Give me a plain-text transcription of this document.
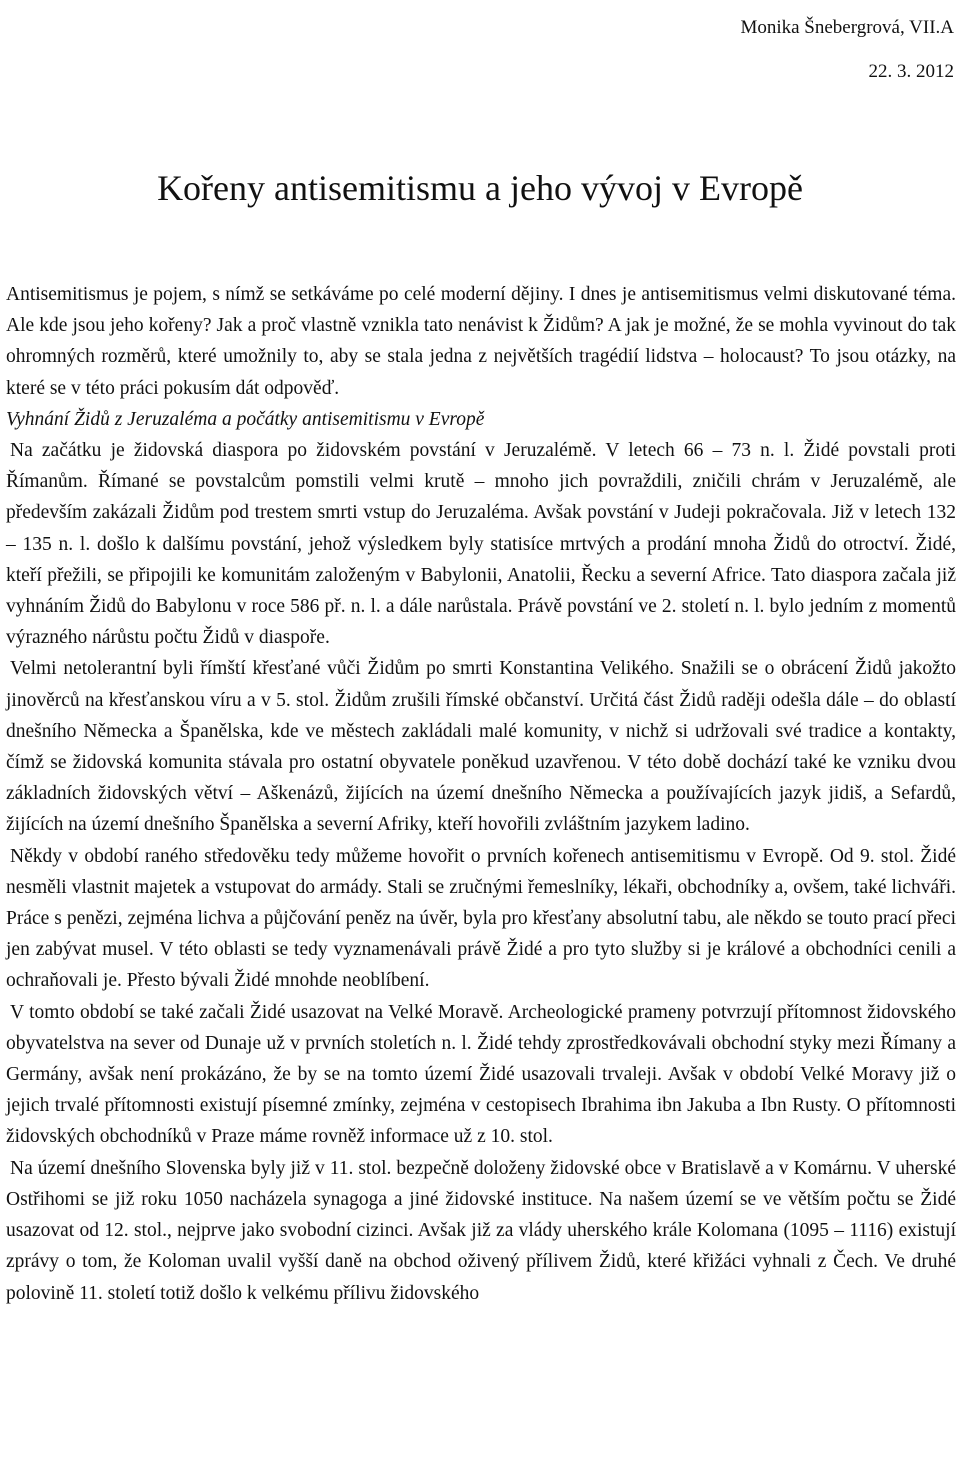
Monika Šnebergrová, VII.A
22. 3. 2012
Kořeny antisemitismu a jeho vývoj v Evropě

Antisemitismus je pojem, s nímž se setkáváme po celé moderní dějiny. I dnes je antisemitismus velmi diskutované téma. Ale kde jsou jeho kořeny? Jak a proč vlastně vznikla tato nenávist k Židům? A jak je možné, že se mohla vyvinout do tak ohromných rozměrů, které umožnily to, aby se stala jedna z největších tragédií lidstva – holocaust? To jsou otázky, na které se v této práci pokusím dát odpověď.

Vyhnání Židů z Jeruzaléma a počátky antisemitismu v Evropě

Na začátku je židovská diaspora po židovském povstání v Jeruzalémě. V letech 66 – 73 n. l. Židé povstali proti Římanům. Římané se povstalcům pomstili velmi krutě – mnoho jich povraždili, zničili chrám v Jeruzalémě, ale především zakázali Židům pod trestem smrti vstup do Jeruzaléma. Avšak povstání v Judeji pokračovala. Již v letech 132 – 135 n. l. došlo k dalšímu povstání, jehož výsledkem byly statisíce mrtvých a prodání mnoha Židů do otroctví. Židé, kteří přežili, se připojili ke komunitám založeným v Babylonii, Anatolii, Řecku a severní Africe. Tato diaspora začala již vyhnáním Židů do Babylonu v roce 586 př. n. l. a dále narůstala. Právě povstání ve 2. století n. l. bylo jedním z momentů výrazného nárůstu počtu Židů v diaspoře.

Velmi netolerantní byli římští křesťané vůči Židům po smrti Konstantina Velikého. Snažili se o obrácení Židů jakožto jinověrců na křesťanskou víru a v 5. stol. Židům zrušili římské občanství. Určitá část Židů raději odešla dále – do oblastí dnešního Německa a Španělska, kde ve městech zakládali malé komunity, v nichž si udržovali své tradice a kontakty, čímž se židovská komunita stávala pro ostatní obyvatele poněkud uzavřenou. V této době dochází také ke vzniku dvou základních židovských větví – Aškenázů, žijících na území dnešního Německa a používajících jazyk jidiš, a Sefardů, žijících na území dnešního Španělska a severní Afriky, kteří hovořili zvláštním jazykem ladino.

Někdy v období raného středověku tedy můžeme hovořit o prvních kořenech antisemitismu v Evropě. Od 9. stol. Židé nesměli vlastnit majetek a vstupovat do armády. Stali se zručnými řemeslníky, lékaři, obchodníky a, ovšem, také lichváři. Práce s penězi, zejména lichva a půjčování peněz na úvěr, byla pro křesťany absolutní tabu, ale někdo se touto prací přeci jen zabývat musel. V této oblasti se tedy vyznamenávali právě Židé a pro tyto služby si je králové a obchodníci cenili a ochraňovali je. Přesto bývali Židé mnohde neoblíbení.

V tomto období se také začali Židé usazovat na Velké Moravě. Archeologické prameny potvrzují přítomnost židovského obyvatelstva na sever od Dunaje už v prvních stoletích n. l. Židé tehdy zprostředkovávali obchodní styky mezi Římany a Germány, avšak není prokázáno, že by se na tomto území Židé usazovali trvaleji. Avšak v období Velké Moravy již o jejich trvalé přítomnosti existují písemné zmínky, zejména v cestopisech Ibrahima ibn Jakuba a Ibn Rusty. O přítomnosti židovských obchodníků v Praze máme rovněž informace už z 10. stol.

Na území dnešního Slovenska byly již v 11. stol. bezpečně doloženy židovské obce v Bratislavě a v Komárnu. V uherské Ostřihomi se již roku 1050 nacházela synagoga a jiné židovské instituce. Na našem území se ve větším počtu se Židé usazovat od 12. stol., nejprve jako svobodní cizinci. Avšak již za vlády uherského krále Kolomana (1095 – 1116) existují zprávy o tom, že Koloman uvalil vyšší daně na obchod oživený přílivem Židů, které křižáci vyhnali z Čech. Ve druhé polovině 11. století totiž došlo k velkému přílivu židovského
